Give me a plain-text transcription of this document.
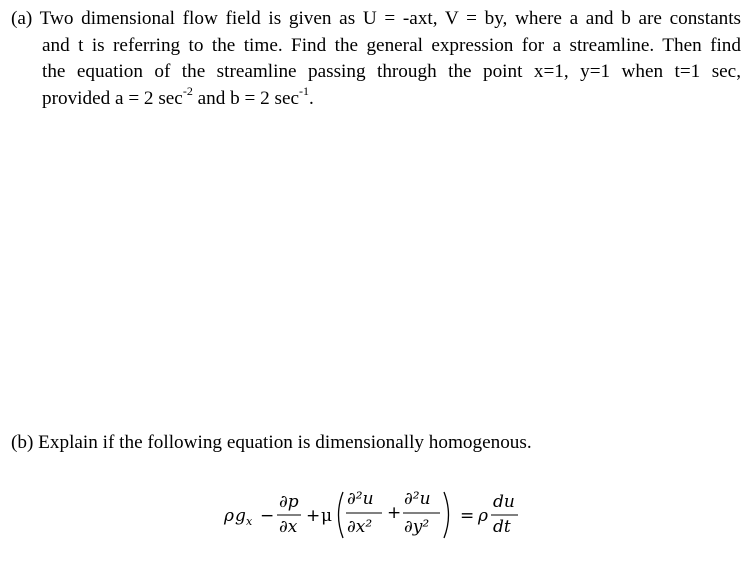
(a) Two dimensional flow field is given as U = -axt, V = by, where a and b are constants
and t is referring to the time. Find the general expression for a streamline. Then find
the equation of the streamline passing through the point x=1, y=1 when t=1 sec,
provided a = 2 $\sec^{-2}$ and b = 2 $\sec^{-1}$.
(b) Explain if the following equation is dimensionally homogenous.
ρ g x −
∂p
∂x
+ μ
∂²u
∂x²
+
∂²u
∂y²
= ρ
du
dt
